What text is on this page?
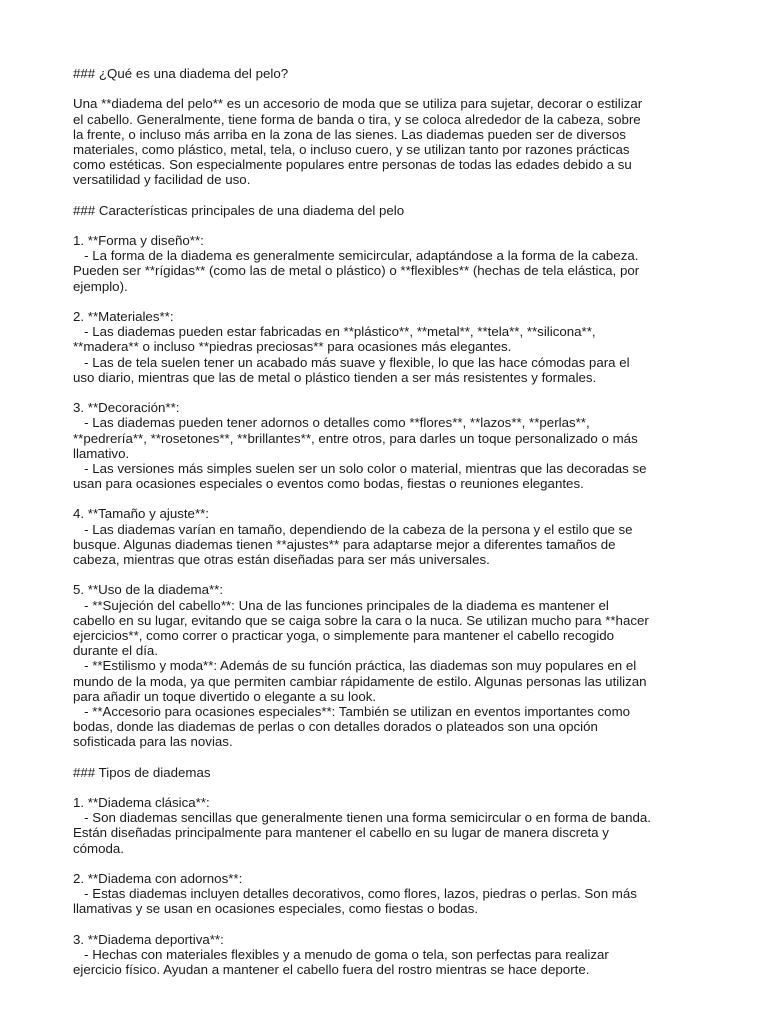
### ¿Qué es una diadema del pelo?
Una **diadema del pelo** es un accesorio de moda que se utiliza para sujetar, decorar o estilizar
el cabello. Generalmente, tiene forma de banda o tira, y se coloca alrededor de la cabeza, sobre
la frente, o incluso más arriba en la zona de las sienes. Las diademas pueden ser de diversos
materiales, como plástico, metal, tela, o incluso cuero, y se utilizan tanto por razones prácticas
como estéticas. Son especialmente populares entre personas de todas las edades debido a su
versatilidad y facilidad de uso.
### Características principales de una diadema del pelo
1. **Forma y diseño**:
- La forma de la diadema es generalmente semicircular, adaptándose a la forma de la cabeza.
Pueden ser **rígidas** (como las de metal o plástico) o **flexibles** (hechas de tela elástica, por
ejemplo).
2. **Materiales**:
- Las diademas pueden estar fabricadas en **plástico**, **metal**, **tela**, **silicona**,
**madera** o incluso **piedras preciosas** para ocasiones más elegantes.
- Las de tela suelen tener un acabado más suave y flexible, lo que las hace cómodas para el
uso diario, mientras que las de metal o plástico tienden a ser más resistentes y formales.
3. **Decoración**:
- Las diademas pueden tener adornos o detalles como **flores**, **lazos**, **perlas**,
**pedrería**, **rosetones**, **brillantes**, entre otros, para darles un toque personalizado o más
llamativo.
- Las versiones más simples suelen ser un solo color o material, mientras que las decoradas se
usan para ocasiones especiales o eventos como bodas, fiestas o reuniones elegantes.
4. **Tamaño y ajuste**:
- Las diademas varían en tamaño, dependiendo de la cabeza de la persona y el estilo que se
busque. Algunas diademas tienen **ajustes** para adaptarse mejor a diferentes tamaños de
cabeza, mientras que otras están diseñadas para ser más universales.
5. **Uso de la diadema**:
- **Sujeción del cabello**: Una de las funciones principales de la diadema es mantener el
cabello en su lugar, evitando que se caiga sobre la cara o la nuca. Se utilizan mucho para **hacer
ejercicios**, como correr o practicar yoga, o simplemente para mantener el cabello recogido
durante el día.
- **Estilismo y moda**: Además de su función práctica, las diademas son muy populares en el
mundo de la moda, ya que permiten cambiar rápidamente de estilo. Algunas personas las utilizan
para añadir un toque divertido o elegante a su look.
- **Accesorio para ocasiones especiales**: También se utilizan en eventos importantes como
bodas, donde las diademas de perlas o con detalles dorados o plateados son una opción
sofisticada para las novias.
### Tipos de diademas
1. **Diadema clásica**:
- Son diademas sencillas que generalmente tienen una forma semicircular o en forma de banda.
Están diseñadas principalmente para mantener el cabello en su lugar de manera discreta y
cómoda.
2. **Diadema con adornos**:
- Estas diademas incluyen detalles decorativos, como flores, lazos, piedras o perlas. Son más
llamativas y se usan en ocasiones especiales, como fiestas o bodas.
3. **Diadema deportiva**:
- Hechas con materiales flexibles y a menudo de goma o tela, son perfectas para realizar
ejercicio físico. Ayudan a mantener el cabello fuera del rostro mientras se hace deporte.
